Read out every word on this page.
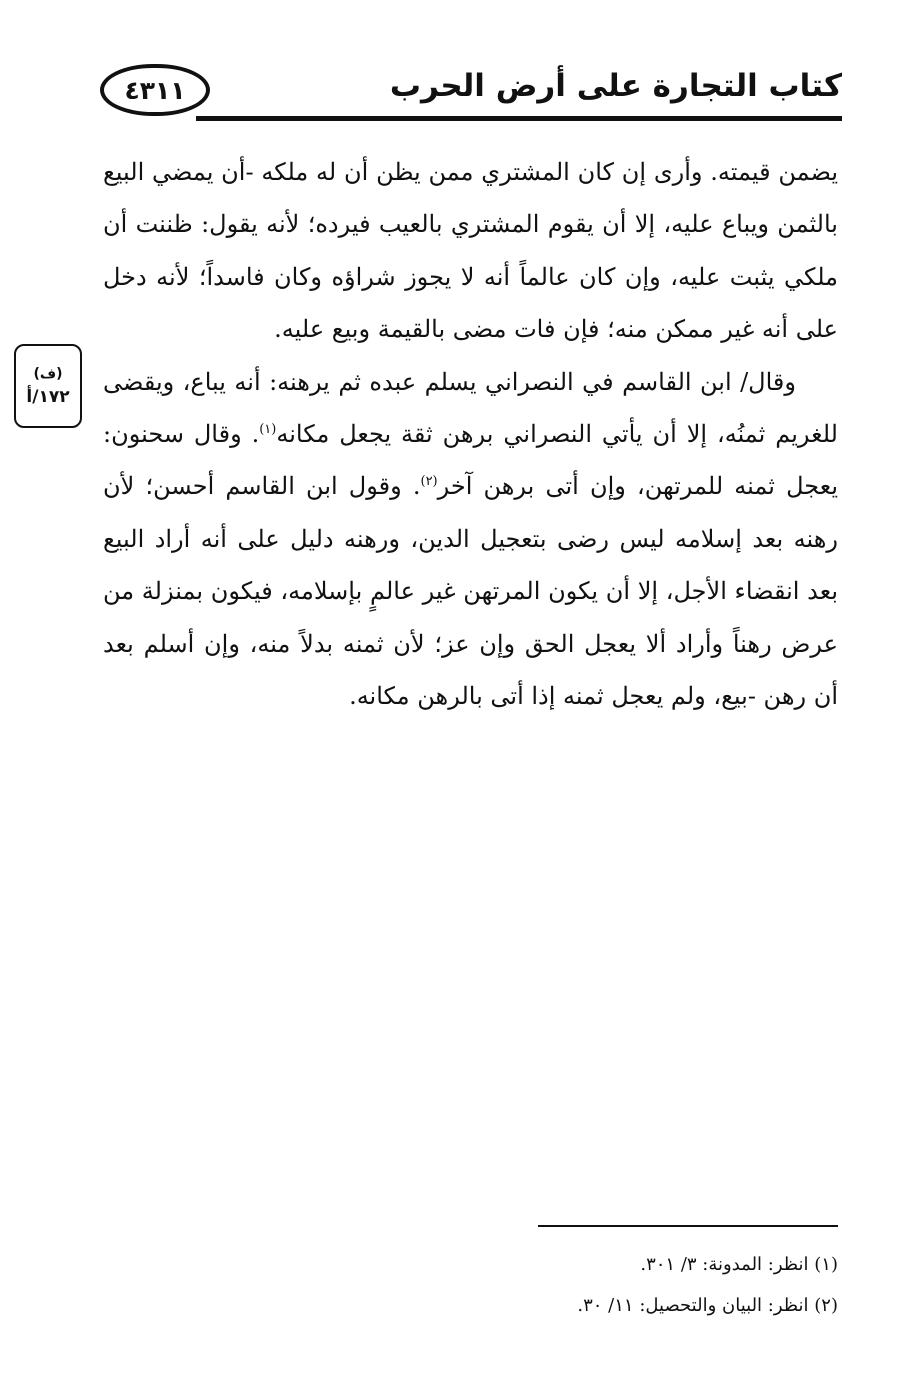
٤٣١١	كتاب التجارة على أرض الحرب
(ف)
١٧٢/أ

يضمن قيمته. وأرى إن كان المشتري ممن يظن أن له ملكه -أن يمضي البيع بالثمن ويباع عليه، إلا أن يقوم المشتري بالعيب فيرده؛ لأنه يقول: ظننت أن ملكي يثبت عليه، وإن كان عالماً أنه لا يجوز شراؤه وكان فاسداً؛ لأنه دخل على أنه غير ممكن منه؛ فإن فات مضى بالقيمة وبيع عليه.

وقال/ ابن القاسم في النصراني يسلم عبده ثم يرهنه: أنه يباع، ويقضى للغريم ثمنُه، إلا أن يأتي النصراني برهن ثقة يجعل مكانه$^{(١)}$. وقال سحنون: يعجل ثمنه للمرتهن، وإن أتى برهن آخر$^{(٢)}$. وقول ابن القاسم أحسن؛ لأن رهنه بعد إسلامه ليس رضى بتعجيل الدين، ورهنه دليل على أنه أراد البيع بعد انقضاء الأجل، إلا أن يكون المرتهن غير عالمٍ بإسلامه، فيكون بمنزلة من عرض رهناً وأراد ألا يعجل الحق وإن عز؛ لأن ثمنه بدلاً منه، وإن أسلم بعد أن رهن -بيع، ولم يعجل ثمنه إذا أتى بالرهن مكانه.

(١) انظر: المدونة: ٣/ ٣٠١.

(٢) انظر: البيان والتحصيل: ١١/ ٣٠.
